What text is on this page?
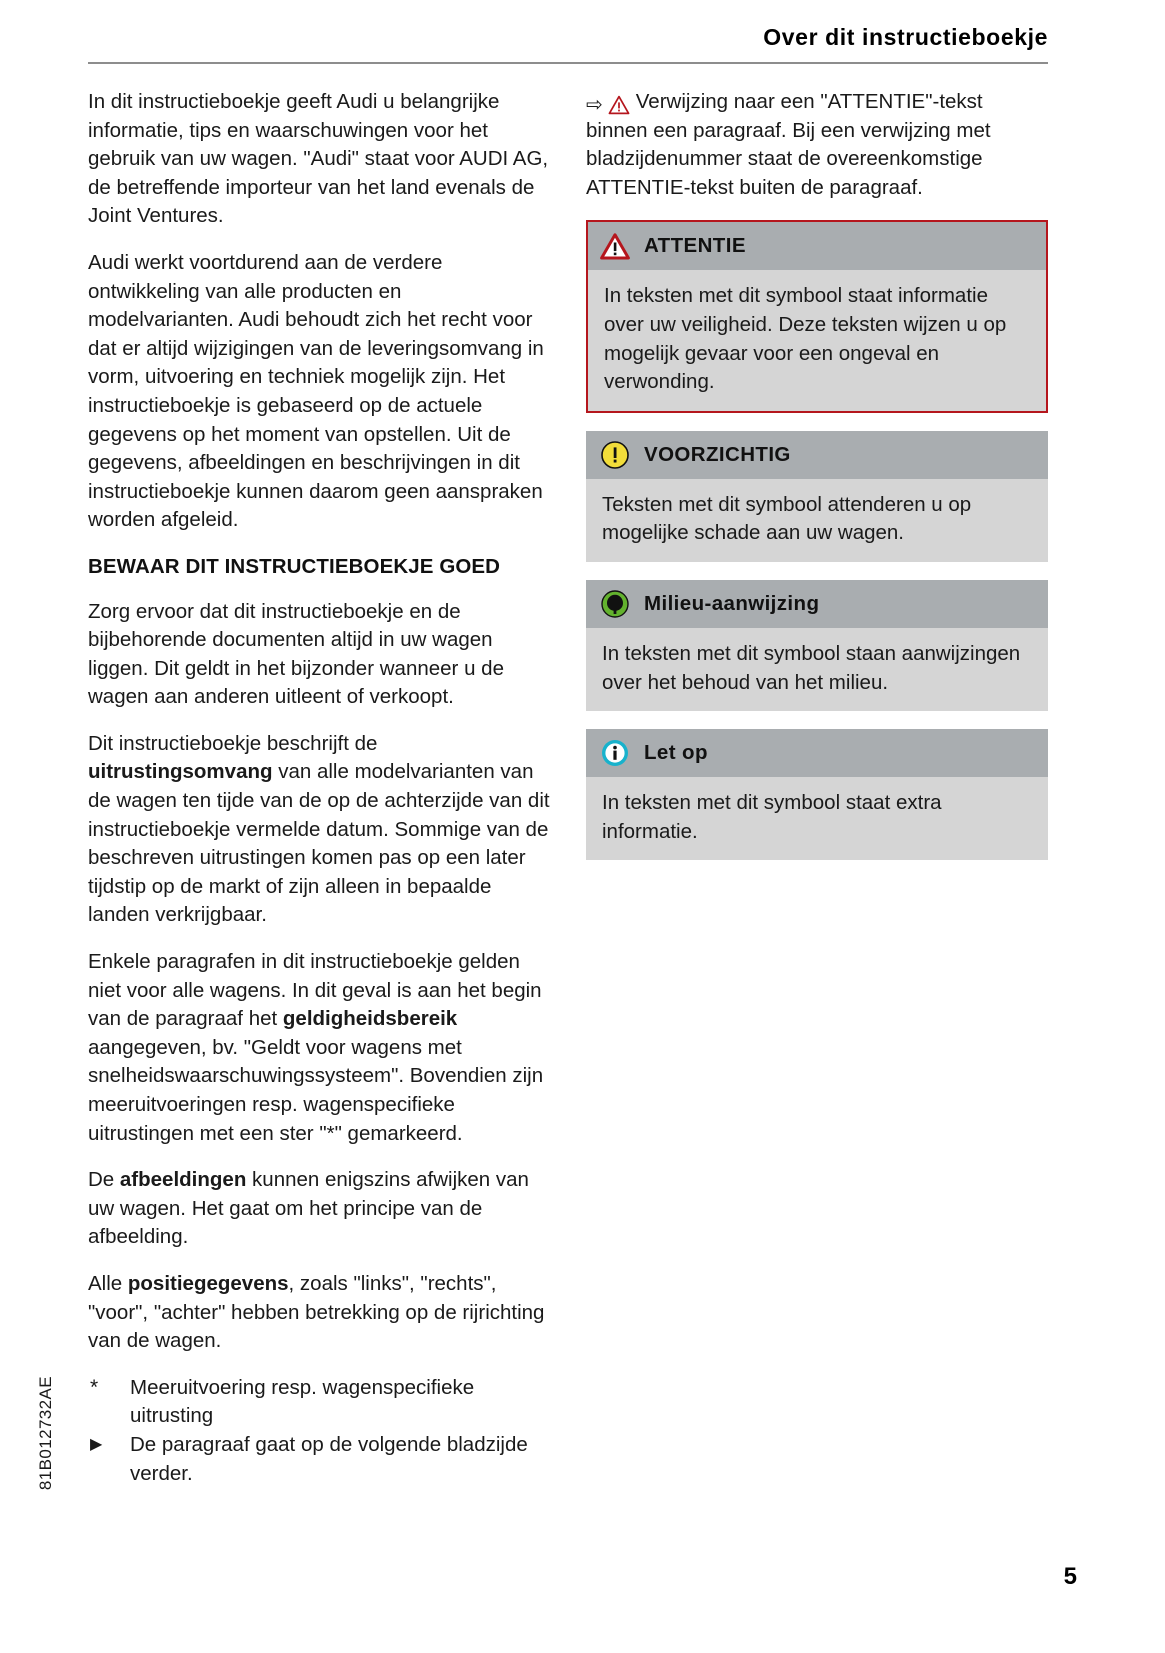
Over dit instructieboekje

In dit instructieboekje geeft Audi u belangrijke informatie, tips en waarschuwingen voor het gebruik van uw wagen. "Audi" staat voor AUDI AG, de betreffende importeur van het land evenals de Joint Ventures.

Audi werkt voortdurend aan de verdere ontwikkeling van alle producten en modelvarianten. Audi behoudt zich het recht voor dat er altijd wijzigingen van de leveringsomvang in vorm, uitvoering en techniek mogelijk zijn. Het instructieboekje is gebaseerd op de actuele gegevens op het moment van opstellen. Uit de gegevens, afbeeldingen en beschrijvingen in dit instructieboekje kunnen daarom geen aanspraken worden afgeleid.

BEWAAR DIT INSTRUCTIEBOEKJE GOED

Zorg ervoor dat dit instructieboekje en de bijbehorende documenten altijd in uw wagen liggen. Dit geldt in het bijzonder wanneer u de wagen aan anderen uitleent of verkoopt.

Dit instructieboekje beschrijft de uitrustingsomvang van alle modelvarianten van de wagen ten tijde van de op de achterzijde van dit instructieboekje vermelde datum. Sommige van de beschreven uitrustingen komen pas op een later tijdstip op de markt of zijn alleen in bepaalde landen verkrijgbaar.

Enkele paragrafen in dit instructieboekje gelden niet voor alle wagens. In dit geval is aan het begin van de paragraaf het geldigheidsbereik aangegeven, bv. "Geldt voor wagens met snelheidswaarschuwingssysteem". Bovendien zijn meeruitvoeringen resp. wagenspecifieke uitrustingen met een ster "*" gemarkeerd.

De afbeeldingen kunnen enigszins afwijken van uw wagen. Het gaat om het principe van de afbeelding.

Alle positiegegevens, zoals "links", "rechts", "voor", "achter" hebben betrekking op de rijrichting van de wagen.

*	Meeruitvoering resp. wagenspecifieke uitrusting
▶	De paragraaf gaat op de volgende bladzijde verder.

⇨ Verwijzing naar een "ATTENTIE"-tekst binnen een paragraaf. Bij een verwijzing met bladzijdenummer staat de overeenkomstige ATTENTIE-tekst buiten de paragraaf.

ATTENTIE

In teksten met dit symbool staat informatie over uw veiligheid. Deze teksten wijzen u op mogelijk gevaar voor een ongeval en verwonding.

VOORZICHTIG

Teksten met dit symbool attenderen u op mogelijke schade aan uw wagen.

Milieu-aanwijzing

In teksten met dit symbool staan aanwijzingen over het behoud van het milieu.

Let op

In teksten met dit symbool staat extra informatie.

81B012732AE
5
